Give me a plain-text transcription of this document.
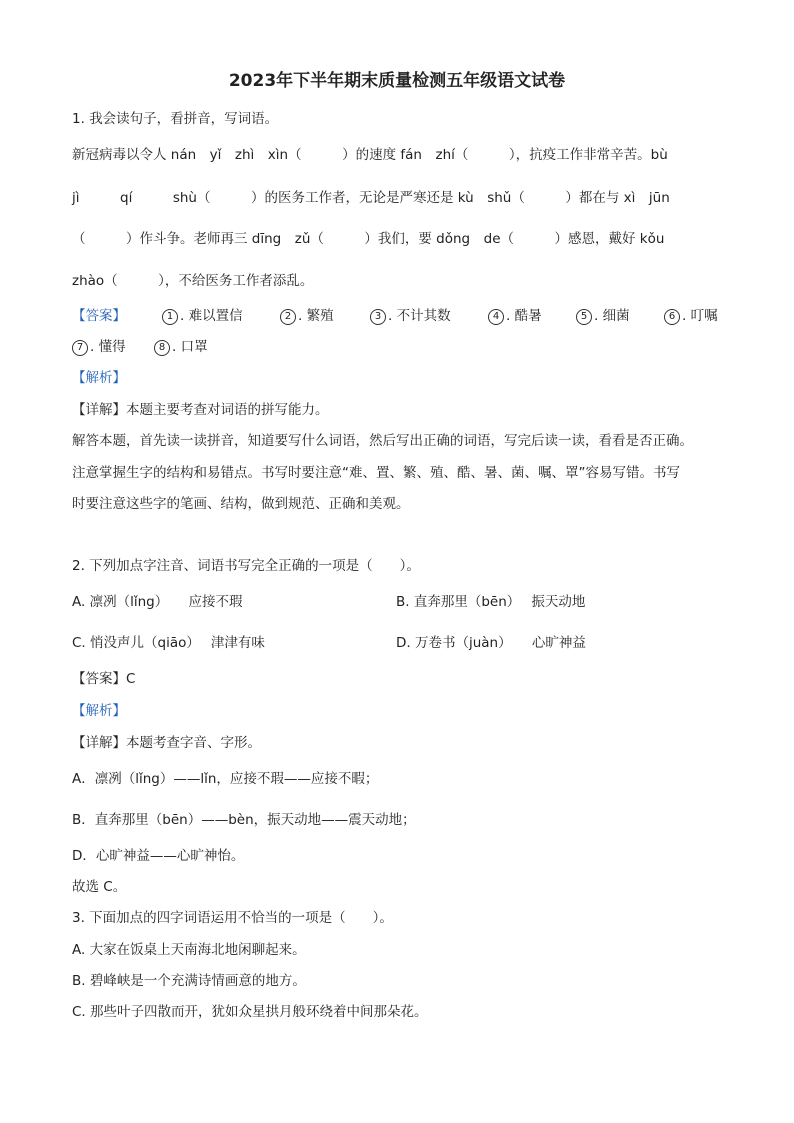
2023年下半年期末质量检测五年级语文试卷
1. 我会读句子，看拼音，写词语。
新冠病毒以令人 nán　yǐ　zhì　xìn（　　　）的速度 fán　zhí（　　　），抗疫工作非常辛苦。bù
jì　　　qí　　　shù（　　　）的医务工作者，无论是严寒还是 kù　shǔ（　　　）都在与 xì　jūn
（　　　）作斗争。老师再三 dīng　zǔ（　　　）我们，要 dǒng　de（　　　）感恩，戴好 kǒu
zhào（　　　），不给医务工作者添乱。
【答案】	1 . 难以置信	2 . 繁殖	3 . 不计其数	4 . 酷暑	5 . 细菌	6 . 叮嘱
7 . 懂得	8 . 口罩
【解析】
【详解】本题主要考查对词语的拼写能力。
解答本题，首先读一读拼音，知道要写什么词语，然后写出正确的词语，写完后读一读，看看是否正确。
注意掌握生字的结构和易错点。书写时要注意“难、置、繁、殖、酷、暑、菌、嘱、罩”容易写错。书写
时要注意这些字的笔画、结构，做到规范、正确和美观。
2. 下列加点字注音、词语书写完全正确的一项是（　　）。
A. 凛冽（lǐng）　　应接不瑕	B. 直奔那里（bēn）　 振天动地
C. 悄没声儿（qiāo）　 津津有味	D. 万卷书（juàn）　　心旷神益
【答案】C
【解析】
【详解】本题考查字音、字形。
A．凛冽（lǐng）——lǐn，应接不瑕——应接不暇；
B．直奔那里（bēn）——bèn，振天动地——震天动地；
D．心旷神益——心旷神怡。
故选 C。
3. 下面加点的四字词语运用不恰当的一项是（　　）。
A. 大家在饭桌上天南海北地闲聊起来。
B. 碧峰峡是一个充满诗情画意的地方。
C. 那些叶子四散而开，犹如众星拱月般环绕着中间那朵花。
